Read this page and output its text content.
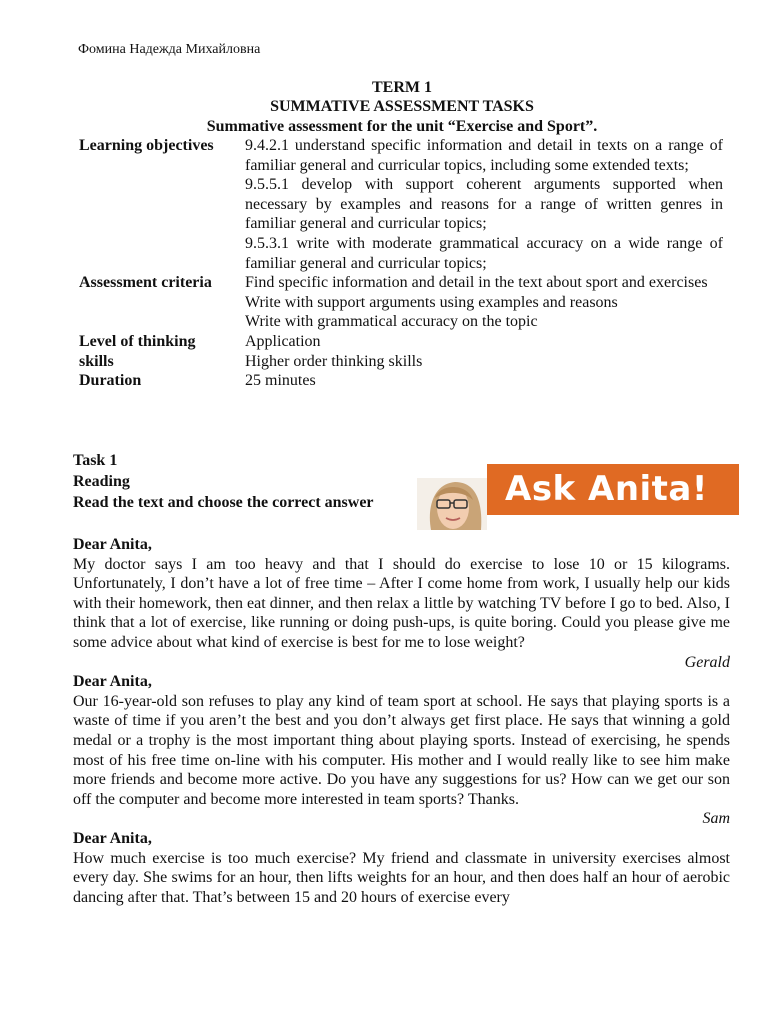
Фомина Надежда Михайловна
TERM 1
SUMMATIVE ASSESSMENT TASKS
Summative assessment for the unit “Exercise and Sport”.
Learning objectives	9.4.2.1 understand specific information and detail in texts on a range of familiar general and curricular topics, including some extended texts;
9.5.5.1 develop with support coherent arguments supported when necessary by examples and reasons for a range of written genres in familiar general and curricular topics;
9.5.3.1 write with moderate grammatical accuracy on a wide range of familiar general and curricular topics;

Assessment criteria	Find specific information and detail in the text about sport and exercises
Write with support arguments using examples and reasons
Write with grammatical accuracy on the topic

Level of thinking	Application
skills	Higher order thinking skills
Duration	25 minutes
Task 1
Reading
Read the text and choose the correct answer	Ask Anita!

Dear Anita,

My doctor says I am too heavy and that I should do exercise to lose 10 or 15 kilograms. Unfortunately, I don’t have a lot of free time – After I come home from work, I usually help our kids with their homework, then eat dinner, and then relax a little by watching TV before I go to bed. Also, I think that a lot of exercise, like running or doing push-ups, is quite boring. Could you please give me some advice about what kind of exercise is best for me to lose weight?

Gerald

Dear Anita,

Our 16-year-old son refuses to play any kind of team sport at school. He says that playing sports is a waste of time if you aren’t the best and you don’t always get first place. He says that winning a gold medal or a trophy is the most important thing about playing sports. Instead of exercising, he spends most of his free time on-line with his computer. His mother and I would really like to see him make more friends and become more active. Do you have any suggestions for us? How can we get our son off the computer and become more interested in team sports? Thanks.

Sam

Dear Anita,

How much exercise is too much exercise? My friend and classmate in university exercises almost every day. She swims for an hour, then lifts weights for an hour, and then does half an hour of aerobic dancing after that. That’s between 15 and 20 hours of exercise every
